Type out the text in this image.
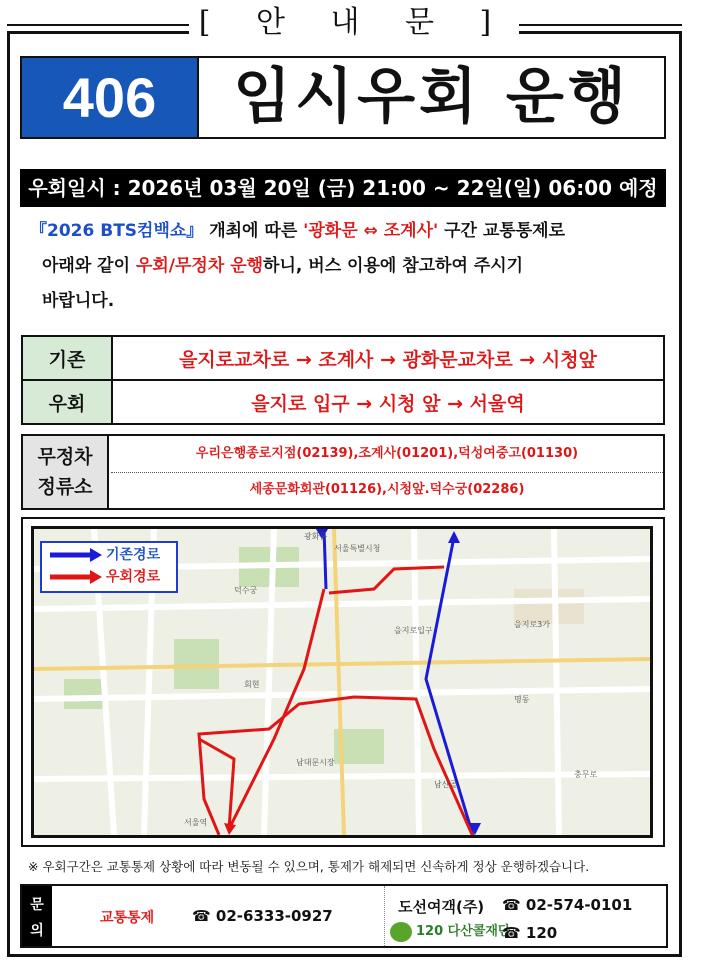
[ 안 내 문 ]
406	임시우회 운행
우회일시 : 2026년 03월 20일 (금) 21:00 ~ 22일(일) 06:00 예정
『2026 BTS컴백쇼』 개최에 따른 '광화문 ⇔ 조계사' 구간 교통통제로
아래와 같이 우회/무정차 운행하니, 버스 이용에 참고하여 주시기
바랍니다.
기존	을지로교차로 → 조계사 → 광화문교차로 → 시청앞
우회	을지로 입구 → 시청 앞 → 서울역
무정차
정류소
우리은행종로지점(02139),조계사(01201),덕성여중고(01130)
세종문화회관(01126),시청앞.덕수궁(02286)
서울특별시청
광화문
덕수궁
명동
남대문시장
서울역
을지로입구
을지로3가
남산골
충무로
회현
기존경로
우회경로
※ 우회구간은 교통통제 상황에 따라 변동될 수 있으며, 통제가 해제되면 신속하게 정상 운행하겠습니다.
문
의
교통통제	☎ 02-6333-0927	도선여객(주) ☎ 02-574-0101
120 다산콜재단
☎ 120
